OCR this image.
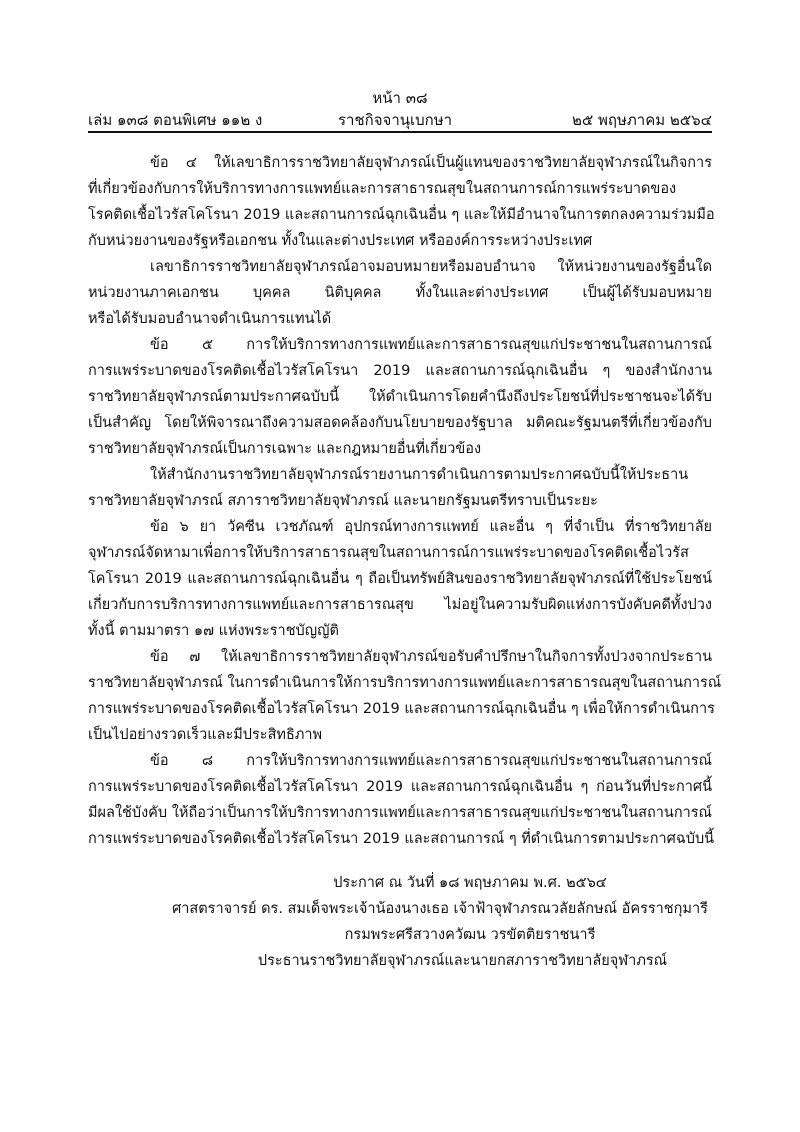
หน้า ๓๘
เล่ม ๑๓๘ ตอนพิเศษ ๑๑๒ ง	ราชกิจจานุเบกษา	๒๕ พฤษภาคม ๒๕๖๔
ข้อ ๔ ให้เลขาธิการราชวิทยาลัยจุฬาภรณ์เป็นผู้แทนของราชวิทยาลัยจุฬาภรณ์ในกิจการ
ที่เกี่ยวข้องกับการให้บริการทางการแพทย์และการสาธารณสุขในสถานการณ์การแพร่ระบาดของ
โรคติดเชื้อไวรัสโคโรนา 2019 และสถานการณ์ฉุกเฉินอื่น ๆ และให้มีอำนาจในการตกลงความร่วมมือ
กับหน่วยงานของรัฐหรือเอกชน ทั้งในและต่างประเทศ หรือองค์การระหว่างประเทศ
เลขาธิการราชวิทยาลัยจุฬาภรณ์อาจมอบหมายหรือมอบอำนาจ ให้หน่วยงานของรัฐอื่นใด
หน่วยงานภาคเอกชน บุคคล นิติบุคคล ทั้งในและต่างประเทศ เป็นผู้ได้รับมอบหมาย
หรือได้รับมอบอำนาจดำเนินการแทนได้
ข้อ ๕ การให้บริการทางการแพทย์และการสาธารณสุขแก่ประชาชนในสถานการณ์
การแพร่ระบาดของโรคติดเชื้อไวรัสโคโรนา 2019 และสถานการณ์ฉุกเฉินอื่น ๆ ของสำนักงาน
ราชวิทยาลัยจุฬาภรณ์ตามประกาศฉบับนี้ ให้ดำเนินการโดยคำนึงถึงประโยชน์ที่ประชาชนจะได้รับ
เป็นสำคัญ โดยให้พิจารณาถึงความสอดคล้องกับนโยบายของรัฐบาล มติคณะรัฐมนตรีที่เกี่ยวข้องกับ
ราชวิทยาลัยจุฬาภรณ์เป็นการเฉพาะ และกฎหมายอื่นที่เกี่ยวข้อง
ให้สำนักงานราชวิทยาลัยจุฬาภรณ์รายงานการดำเนินการตามประกาศฉบับนี้ให้ประธาน
ราชวิทยาลัยจุฬาภรณ์ สภาราชวิทยาลัยจุฬาภรณ์ และนายกรัฐมนตรีทราบเป็นระยะ
ข้อ ๖ ยา วัคซีน เวชภัณฑ์ อุปกรณ์ทางการแพทย์ และอื่น ๆ ที่จำเป็น ที่ราชวิทยาลัย
จุฬาภรณ์จัดหามาเพื่อการให้บริการสาธารณสุขในสถานการณ์การแพร่ระบาดของโรคติดเชื้อไวรัส
โคโรนา 2019 และสถานการณ์ฉุกเฉินอื่น ๆ ถือเป็นทรัพย์สินของราชวิทยาลัยจุฬาภรณ์ที่ใช้ประโยชน์
เกี่ยวกับการบริการทางการแพทย์และการสาธารณสุข ไม่อยู่ในความรับผิดแห่งการบังคับคดีทั้งปวง
ทั้งนี้ ตามมาตรา ๑๗ แห่งพระราชบัญญัติ
ข้อ ๗ ให้เลขาธิการราชวิทยาลัยจุฬาภรณ์ขอรับคำปรึกษาในกิจการทั้งปวงจากประธาน
ราชวิทยาลัยจุฬาภรณ์ ในการดำเนินการให้การบริการทางการแพทย์และการสาธารณสุขในสถานการณ์
การแพร่ระบาดของโรคติดเชื้อไวรัสโคโรนา 2019 และสถานการณ์ฉุกเฉินอื่น ๆ เพื่อให้การดำเนินการ
เป็นไปอย่างรวดเร็วและมีประสิทธิภาพ
ข้อ ๘ การให้บริการทางการแพทย์และการสาธารณสุขแก่ประชาชนในสถานการณ์
การแพร่ระบาดของโรคติดเชื้อไวรัสโคโรนา 2019 และสถานการณ์ฉุกเฉินอื่น ๆ ก่อนวันที่ประกาศนี้
มีผลใช้บังคับ ให้ถือว่าเป็นการให้บริการทางการแพทย์และการสาธารณสุขแก่ประชาชนในสถานการณ์
การแพร่ระบาดของโรคติดเชื้อไวรัสโคโรนา 2019 และสถานการณ์ ๆ ที่ดำเนินการตามประกาศฉบับนี้
ประกาศ ณ วันที่ ๑๘ พฤษภาคม พ.ศ. ๒๕๖๔
ศาสตราจารย์ ดร. สมเด็จพระเจ้าน้องนางเธอ เจ้าฟ้าจุฬาภรณวลัยลักษณ์ อัครราชกุมารี
กรมพระศรีสวางควัฒน วรขัตติยราชนารี
ประธานราชวิทยาลัยจุฬาภรณ์และนายกสภาราชวิทยาลัยจุฬาภรณ์
